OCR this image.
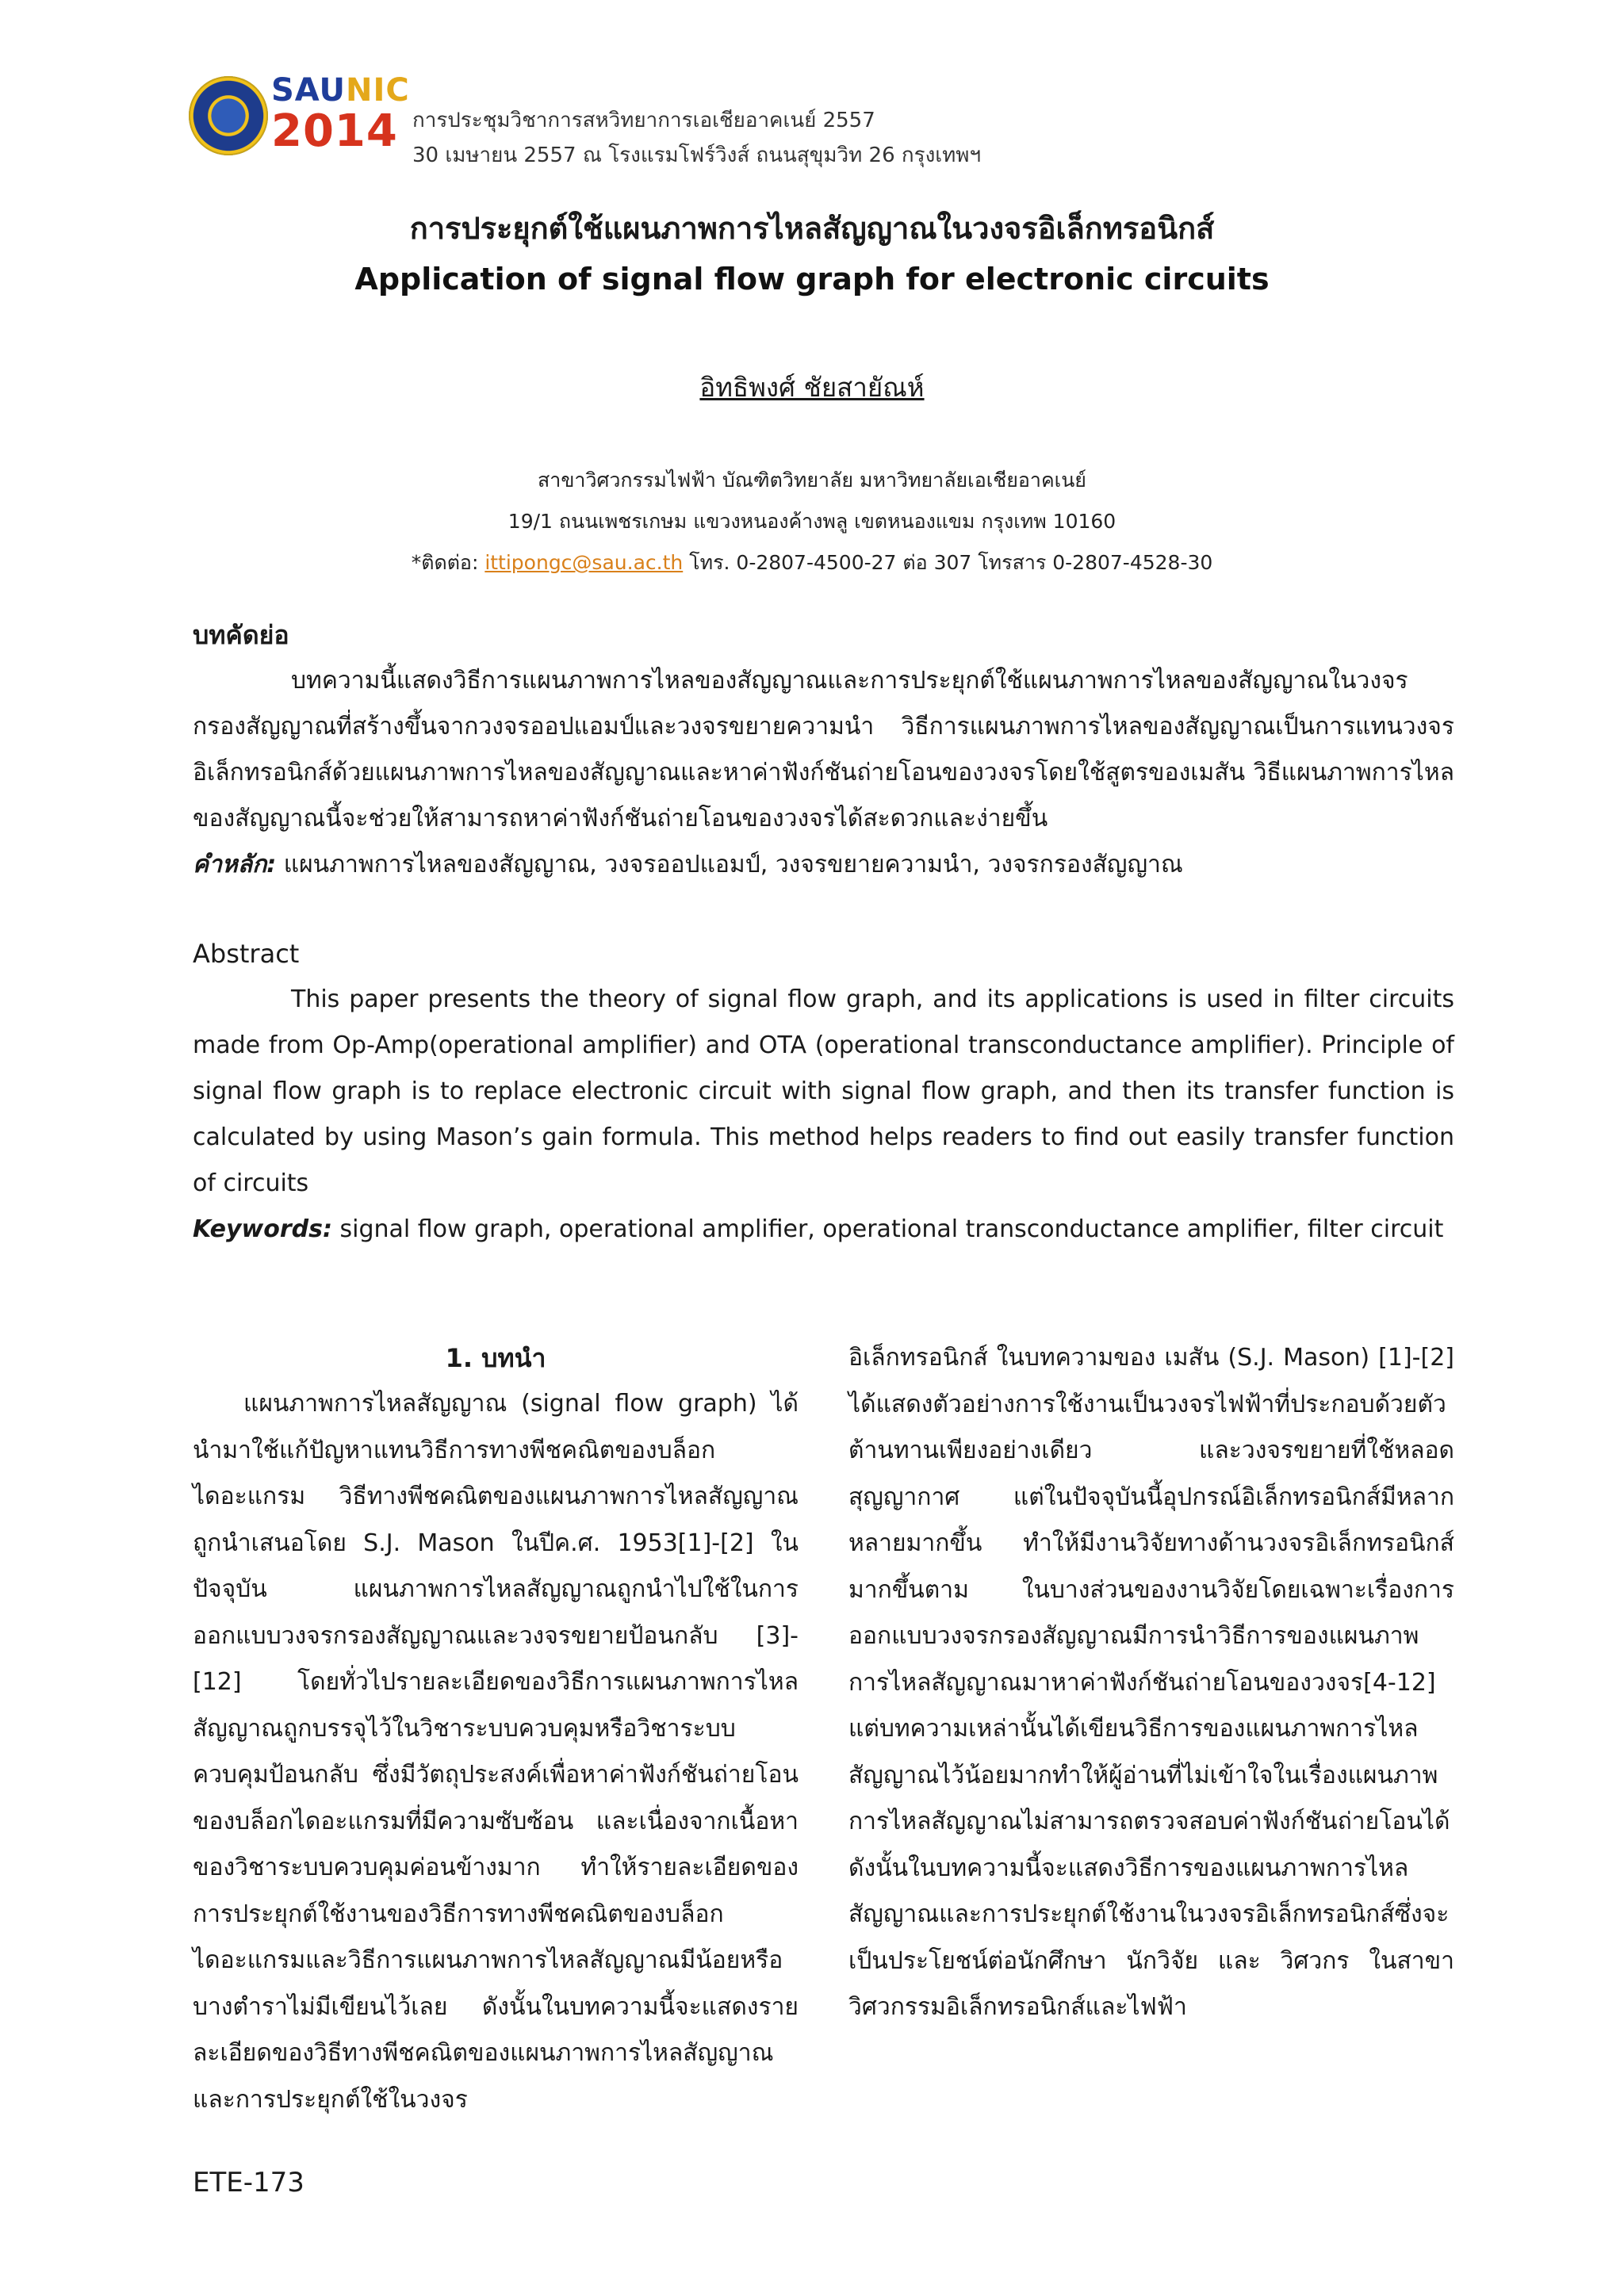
SAUNIC
2014 การประชุมวิชาการสหวิทยาการเอเชียอาคเนย์ 2557
30 เมษายน 2557 ณ โรงแรมโฟร์วิงส์ ถนนสุขุมวิท 26 กรุงเทพฯ
การประยุกต์ใช้แผนภาพการไหลสัญญาณในวงจรอิเล็กทรอนิกส์
Application of signal flow graph for electronic circuits
อิทธิพงศ์ ชัยสายัณห์
สาขาวิศวกรรมไฟฟ้า บัณฑิตวิทยาลัย มหาวิทยาลัยเอเชียอาคเนย์
19/1 ถนนเพชรเกษม แขวงหนองค้างพลู เขตหนองแขม กรุงเทพ 10160
*ติดต่อ: ittipongc@sau.ac.th โทร. 0-2807-4500-27 ต่อ 307 โทรสาร 0-2807-4528-30
บทคัดย่อ

บทความนี้แสดงวิธีการแผนภาพการไหลของสัญญาณและการประยุกต์ใช้แผนภาพการไหลของสัญญาณในวงจรกรองสัญญาณที่สร้างขึ้นจากวงจรออปแอมป์และวงจรขยายความนำ วิธีการแผนภาพการไหลของสัญญาณเป็นการแทนวงจรอิเล็กทรอนิกส์ด้วยแผนภาพการไหลของสัญญาณและหาค่าฟังก์ชันถ่ายโอนของวงจรโดยใช้สูตรของเมสัน วิธีแผนภาพการไหลของสัญญาณนี้จะช่วยให้สามารถหาค่าฟังก์ชันถ่ายโอนของวงจรได้สะดวกและง่ายขึ้น

คำหลัก: แผนภาพการไหลของสัญญาณ, วงจรออปแอมป์, วงจรขยายความนำ, วงจรกรองสัญญาณ
Abstract

This paper presents the theory of signal flow graph, and its applications is used in filter circuits made from Op-Amp(operational amplifier) and OTA (operational transconductance amplifier). Principle of signal flow graph is to replace electronic circuit with signal flow graph, and then its transfer function is calculated by using Mason’s gain formula. This method helps readers to find out easily transfer function of circuits

Keywords: signal flow graph, operational amplifier, operational transconductance amplifier, filter circuit
1. บทนำ

แผนภาพการไหลสัญญาณ (signal flow graph) ได้นำมาใช้แก้ปัญหาแทนวิธีการทางพีชคณิตของบล็อกไดอะแกรม วิธีทางพีชคณิตของแผนภาพการไหลสัญญาณถูกนำเสนอโดย S.J. Mason ในปีค.ศ. 1953[1]-[2] ในปัจจุบัน แผนภาพการไหลสัญญาณถูกนำไปใช้ในการออกแบบวงจรกรองสัญญาณและวงจรขยายป้อนกลับ [3]-[12] โดยทั่วไปรายละเอียดของวิธีการแผนภาพการไหลสัญญาณถูกบรรจุไว้ในวิชาระบบควบคุมหรือวิชาระบบควบคุมป้อนกลับ ซึ่งมีวัตถุประสงค์เพื่อหาค่าฟังก์ชันถ่ายโอนของบล็อกไดอะแกรมที่มีความซับซ้อน และเนื่องจากเนื้อหาของวิชาระบบควบคุมค่อนข้างมาก ทำให้รายละเอียดของการประยุกต์ใช้งานของวิธีการทางพีชคณิตของบล็อกไดอะแกรมและวิธีการแผนภาพการไหลสัญญาณมีน้อยหรือบางตำราไม่มีเขียนไว้เลย ดังนั้นในบทความนี้จะแสดงรายละเอียดของวิธีทางพีชคณิตของแผนภาพการไหลสัญญาณและการประยุกต์ใช้ในวงจร

อิเล็กทรอนิกส์ ในบทความของ เมสัน (S.J. Mason) [1]-[2] ได้แสดงตัวอย่างการใช้งานเป็นวงจรไฟฟ้าที่ประกอบด้วยตัวต้านทานเพียงอย่างเดียว และวงจรขยายที่ใช้หลอดสุญญากาศ แต่ในปัจจุบันนี้อุปกรณ์อิเล็กทรอนิกส์มีหลากหลายมากขึ้น ทำให้มีงานวิจัยทางด้านวงจรอิเล็กทรอนิกส์มากขึ้นตาม ในบางส่วนของงานวิจัยโดยเฉพาะเรื่องการออกแบบวงจรกรองสัญญาณมีการนำวิธีการของแผนภาพการไหลสัญญาณมาหาค่าฟังก์ชันถ่ายโอนของวงจร[4-12] แต่บทความเหล่านั้นได้เขียนวิธีการของแผนภาพการไหลสัญญาณไว้น้อยมากทำให้ผู้อ่านที่ไม่เข้าใจในเรื่องแผนภาพการไหลสัญญาณไม่สามารถตรวจสอบค่าฟังก์ชันถ่ายโอนได้ ดังนั้นในบทความนี้จะแสดงวิธีการของแผนภาพการไหลสัญญาณและการประยุกต์ใช้งานในวงจรอิเล็กทรอนิกส์ซึ่งจะเป็นประโยชน์ต่อนักศึกษา นักวิจัย และ วิศวกร ในสาขาวิศวกรรมอิเล็กทรอนิกส์และไฟฟ้า

ETE-173
